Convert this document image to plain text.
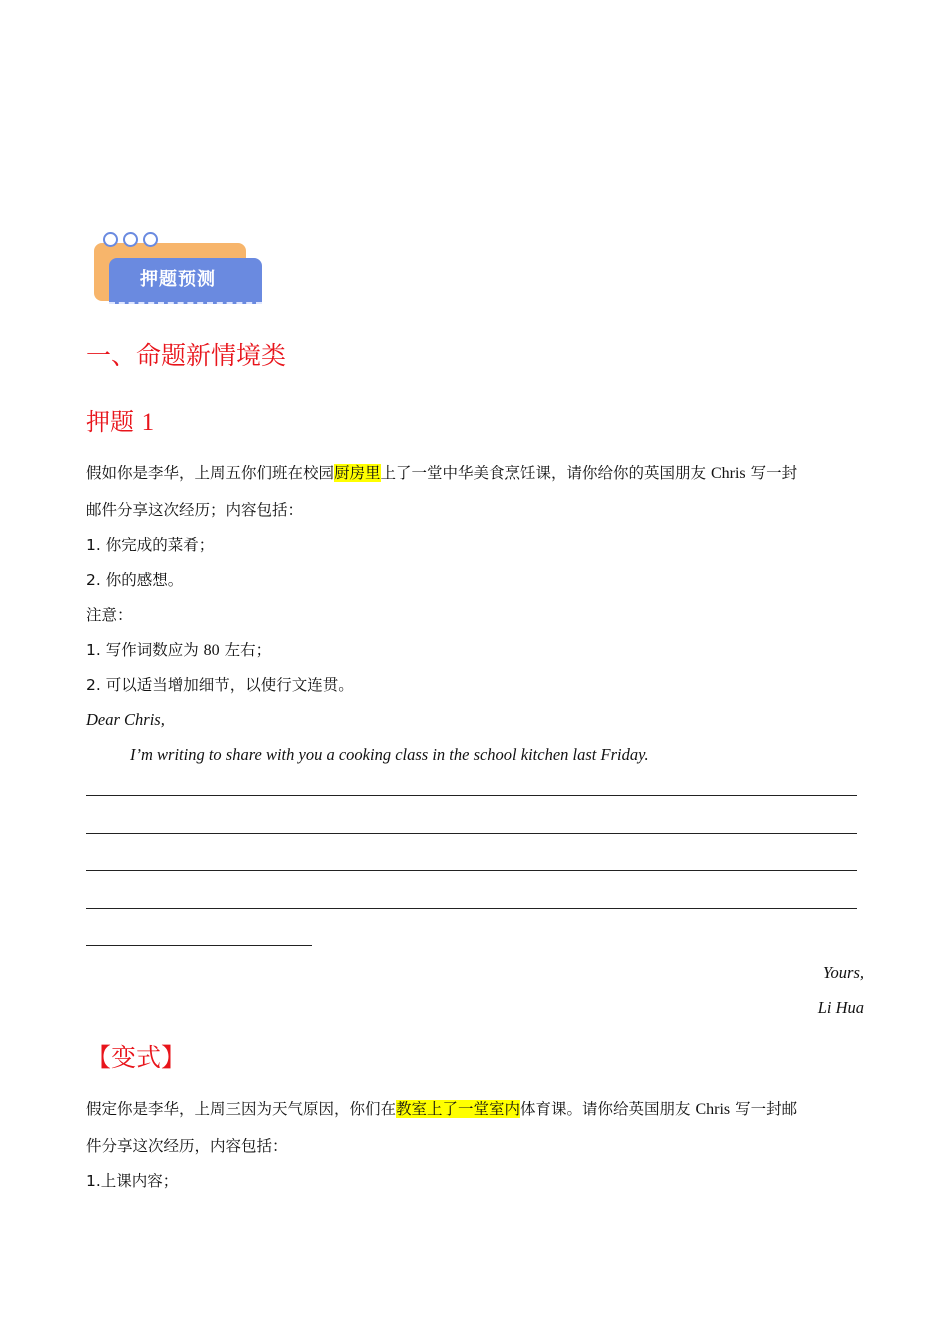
押题预测
一、命题新情境类
押题 1
假如你是李华，上周五你们班在校园厨房里上了一堂中华美食烹饪课，请你给你的英国朋友 Chris 写一封
邮件分享这次经历；内容包括：
1. 你完成的菜肴；
2. 你的感想。
注意：
1. 写作词数应为 80 左右；
2. 可以适当增加细节，以使行文连贯。
Dear Chris,
I’m writing to share with you a cooking class in the school kitchen last Friday.
Yours,
Li Hua
【变式】
假定你是李华，上周三因为天气原因，你们在教室上了一堂室内体育课。请你给英国朋友 Chris 写一封邮
件分享这次经历，内容包括：
1.上课内容；
